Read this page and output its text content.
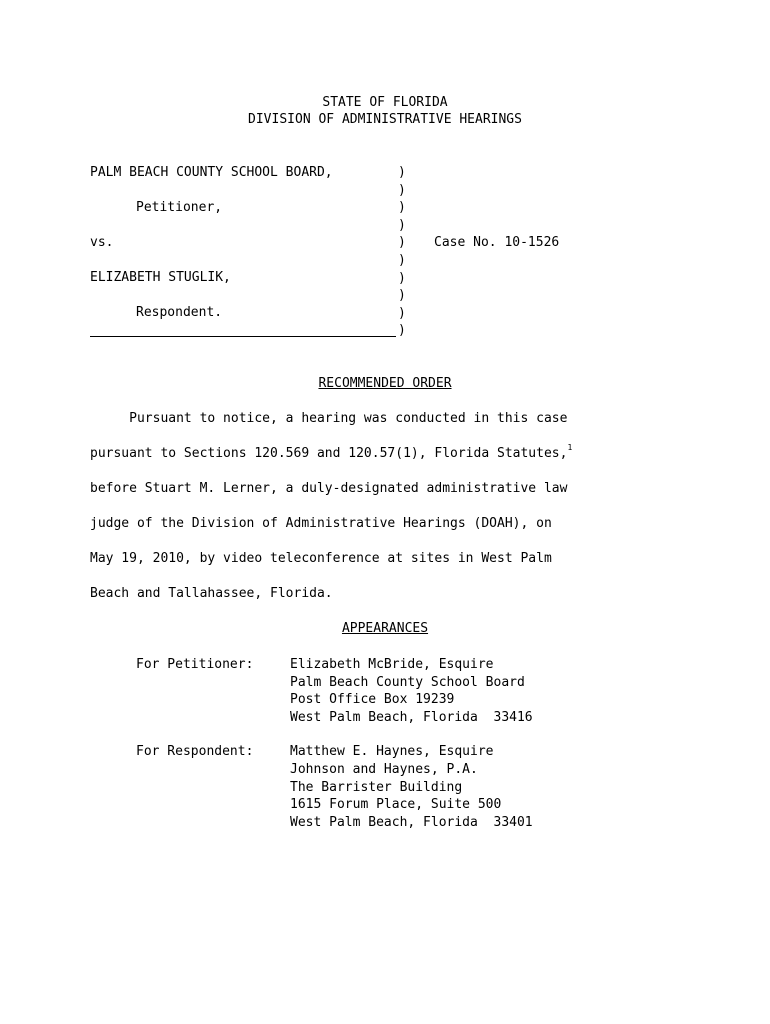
STATE OF FLORIDA
DIVISION OF ADMINISTRATIVE HEARINGS
PALM BEACH COUNTY SCHOOL BOARD,
Petitioner,
vs.
ELIZABETH STUGLIK,
Respondent.
)
)
)
)
)
)
)
)
)
)
Case No. 10-1526
RECOMMENDED ORDER
Pursuant to notice, a hearing was conducted in this case
pursuant to Sections 120.569 and 120.57(1), Florida Statutes,$^1$
before Stuart M. Lerner, a duly-designated administrative law
judge of the Division of Administrative Hearings (DOAH), on
May 19, 2010, by video teleconference at sites in West Palm
Beach and Tallahassee, Florida.
APPEARANCES
For Petitioner:	Elizabeth McBride, Esquire
Palm Beach County School Board
Post Office Box 19239
West Palm Beach, Florida  33416
For Respondent:	Matthew E. Haynes, Esquire
Johnson and Haynes, P.A.
The Barrister Building
1615 Forum Place, Suite 500
West Palm Beach, Florida  33401
